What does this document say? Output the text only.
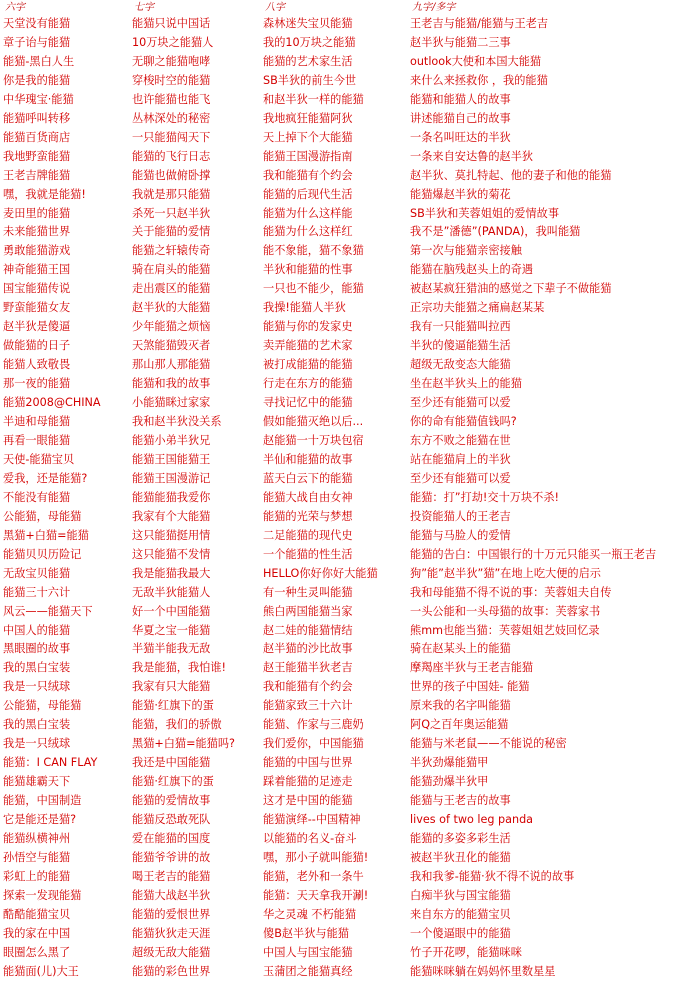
六字
天堂没有能猫
章子诒与能猫
能猫-黑白人生
你是我的能猫
中华瑰宝·能猫
能猫呼叫转移
能猫百货商店
我地野蛮能猫
王老吉牌能猫
嘿，我就是能猫!
麦田里的能猫
未来能猫世界
勇敢能猫游戏
神奇能猫王国
国宝能猫传说
野蛮能猫女友
赵半狄是傻逼
做能猫的日子
能猫人致敬畏
那一夜的能猫
能猫2008@CHINA
半迪和母能猫
再看一眼能猫
天使-能猫宝贝
爱我，还是能猫?
不能没有能猫
公能猫，母能猫
黑猫+白猫=能猫
能猫贝贝历险记
无敌宝贝能猫
能猫三十六计
风云——能猫天下
中国人的能猫
黑眼圈的故事
我的黑白宝装
我是一只绒球
公能猫，母能猫
我的黑白宝装
我是一只绒球
能猫：I CAN FLAY
能猫雄霸天下
能猫，中国制造
它是能还是猫?
能猫纵横神州
孙悟空与能猫
彩虹上的能猫
探索一发现能猫
酷酷能猫宝贝
我的家在中国
眼圈怎么黑了
能猫面(儿)大王
七字
能猫只说中国话
10万块之能猫人
无聊之能猫咆哮
穿梭时空的能猫
也许能猫也能飞
丛林深处的秘密
一只能猫闯天下
能猫的飞行日志
能猫也做俯卧撑
我就是那只能猫
杀死一只赵半狄
关于能猫的爱情
能猫之轩辕传奇
骑在肩头的能猫
走出震区的能猫
赵半狄的大能猫
少年能猫之烦恼
天煞能猫毁灭者
那山那人那能猫
能猫和我的故事
小能猫眯过家家
我和赵半狄没关系
能猫小弟半狄兄
能猫王国能猫王
能猫王国漫游记
能猫能猫我爱你
我家有个大能猫
这只能猫挺用情
这只能猫不发情
我是能猫我最大
无敌半狄能猫人
好一个中国能猫
华夏之宝一能猫
半猫半能我无敌
我是能猫，我怕谁!
我家有只大能猫
能猫·红旗下的蛋
能猫，我们的骄傲
黑猫+白猫=能猫吗?
我还是中国能猫
能猫·红旗下的蛋
能猫的爱情故事
能猫反恐敢死队
爱在能猫的国度
能猫爷爷讲的故
喝王老吉的能猫
能猫大战赵半狄
能猫的爱恨世界
能猫狄狄走天涯
超级无敌大能猫
能猫的彩色世界
八字
森林迷失宝贝能猫
我的10万块之能猫
能猫的艺术家生活
SB半狄的前生今世
和赵半狄一样的能猫
我地疯狂能猫阿狄
天上掉下个大能猫
能猫王国漫游指南
我和能猫有个约会
能猫的后现代生活
能猫为什么这样能
能猫为什么这样红
能不象能，猫不象猫
半狄和能猫的性事
一只也不能少，能猫
我操!能猫人半狄
能猫与你的发家史
卖弄能猫的艺术家
被打成能猫的能猫
行走在东方的能猫
寻找记忆中的能猫
假如能猫灭绝以后...
赵能猫一十万块包宿
半仙和能猫的故事
蓝天白云下的能猫
能猫大战自由女神
能猫的光荣与梦想
二足能猫的现代史
一个能猫的性生活
HELLO你好你好大能猫
有一种生灵叫能猫
熊白两国能猫当家
赵二娃的能猫情结
赵半猫的沙比故事
赵王能猫半狄老吉
我和能猫有个约会
能猫家致三十六计
能猫、作家与三鹿奶
我们爱你，中国能猫
能猫的中国与世界
踩着能猫的足迹走
这才是中国的能猫
能猫演绎--中国精神
以能猫的名义-奋斗
嘿，那小子就叫能猫!
能猫，老外和一条牛
能猫：天天拿我开涮!
华之灵魂 不朽能猫
傻B赵半狄与能猫
中国人与国宝能猫
玉蒲团之能猫真经
九字/多字
王老吉与能猫/能猫与王老吉
赵半狄与能猫二三事
outlook大使和本国大能猫
来什么来拯救你 ，我的能猫
能猫和能猫人的故事
讲述能猫自己的故事
一条名叫旺达的半狄
一条来自安达鲁的赵半狄
赵半狄、莫扎特起、他的妻子和他的能猫
能猫爆赵半狄的菊花
SB半狄和芙蓉姐姐的爱情故事
我不是”潘德”(PANDA)，我叫能猫
第一次与能猫亲密接触
能猫在脑残赵头上的奇遇
被赵某疯狂猎油的感觉之下辈子不做能猫
正宗功夫能猫之痛扁赵某某
我有一只能猫叫拉西
半狄的傻逼能猫生活
超级无敌变态大能猫
坐在赵半狄头上的能猫
至少还有能猫可以爱
你的命有能猫值钱吗?
东方不败之能猫在世
站在能猫肩上的半狄
至少还有能猫可以爱
能猫：打”打劫!交十万块不杀!
投资能猫人的王老吉
能猫与马脸人的爱情
能猫的告白：中国银行的十万元只能买一瓶王老吉
狗”能”赵半狄”猫”在地上吃大便的启示
我和母能猫不得不说的事：芙蓉姐夫自传
一头公能和一头母猫的故事：芙蓉家书
熊mm也能当猫：芙蓉姐姐艺妓回忆录
骑在赵某头上的能猫
摩羯座半狄与王老吉能猫
世界的孩子中国娃- 能猫
原来我的名字叫能猫
阿Q之百年奥运能猫
能猫与米老鼠——不能说的秘密
半狄劲爆能猫甲
能猫劲爆半狄甲
能猫与王老吉的故事
lives of two leg panda
能猫的多姿多彩生活
被赵半狄丑化的能猫
我和我爹-能猫·狄不得不说的故事
白痴半狄与国宝能猫
来自东方的能猫宝贝
一个傻逼眼中的能猫
竹子开花啰，能猫咪咪
能猫咪咪躺在妈妈怀里数星星
